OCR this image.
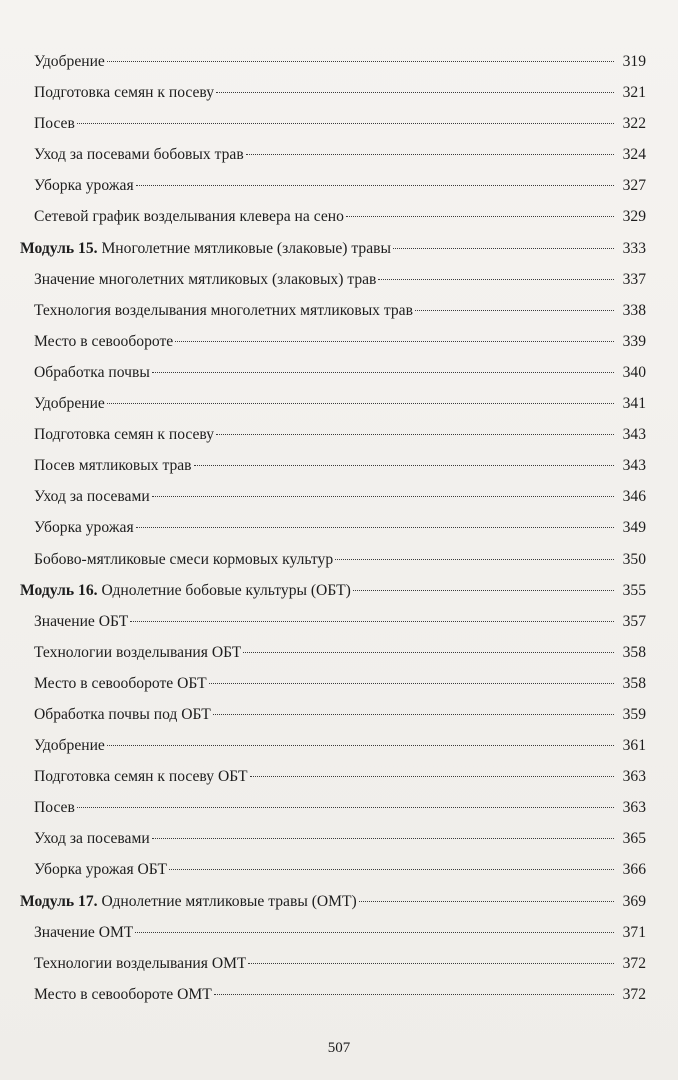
Удобрение	319
Подготовка семян к посеву	321
Посев	322
Уход за посевами бобовых трав	324
Уборка урожая	327
Сетевой график возделывания клевера на сено	329
Модуль 15. Многолетние мятликовые (злаковые) травы	333
Значение многолетних мятликовых (злаковых) трав	337
Технология возделывания многолетних мятликовых трав	338
Место в севообороте	339
Обработка почвы	340
Удобрение	341
Подготовка семян к посеву	343
Посев мятликовых трав	343
Уход за посевами	346
Уборка урожая	349
Бобово-мятликовые смеси кормовых культур	350
Модуль 16. Однолетние бобовые культуры (ОБТ)	355
Значение ОБТ	357
Технологии возделывания ОБТ	358
Место в севообороте ОБТ	358
Обработка почвы под ОБТ	359
Удобрение	361
Подготовка семян к посеву ОБТ	363
Посев	363
Уход за посевами	365
Уборка урожая ОБТ	366
Модуль 17. Однолетние мятликовые травы (ОМТ)	369
Значение ОМТ	371
Технологии возделывания ОМТ	372
Место в севообороте ОМТ	372
507
